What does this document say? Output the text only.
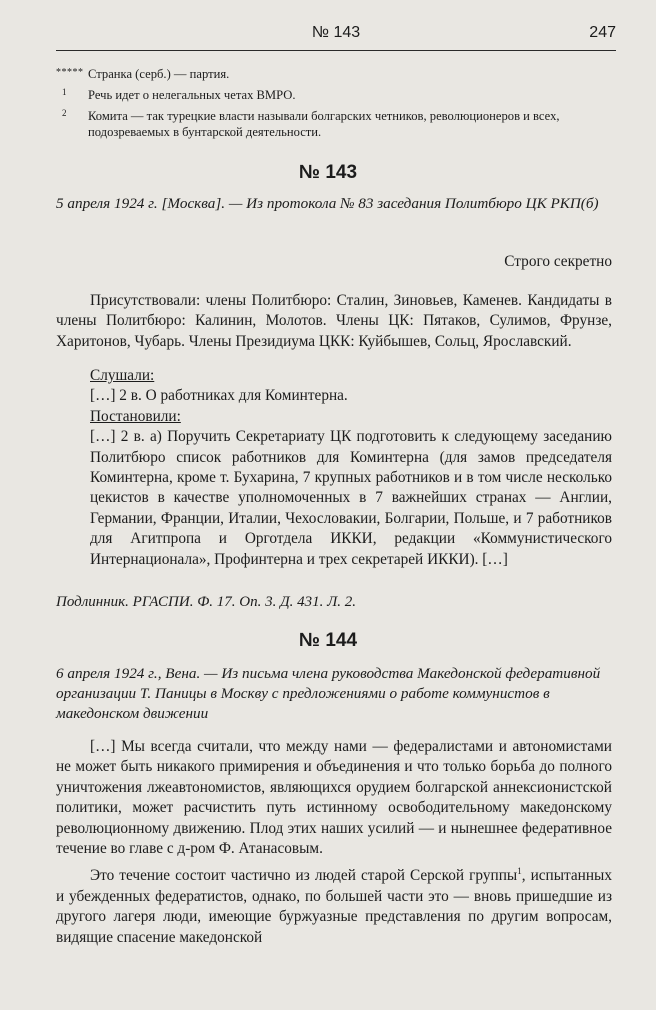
№ 143	247
***** Странка (серб.) — партия.
1 Речь идет о нелегальных четах ВМРО.
2 Комита — так турецкие власти называли болгарских четников, революционеров и всех, подозреваемых в бунтарской деятельности.
№ 143
5 апреля 1924 г. [Москва]. — Из протокола № 83 заседания Политбюро ЦК РКП(б)
Строго секретно

Присутствовали: члены Политбюро: Сталин, Зиновьев, Каменев. Кандидаты в члены Политбюро: Калинин, Молотов. Члены ЦК: Пятаков, Сулимов, Фрунзе, Харитонов, Чубарь. Члены Президиума ЦКК: Куйбышев, Сольц, Ярославский.

Слушали:
[…] 2 в. О работниках для Коминтерна.
Постановили:
[…] 2 в. а) Поручить Секретариату ЦК подготовить к следующему заседанию Политбюро список работников для Коминтерна (для замов председателя Коминтерна, кроме т. Бухарина, 7 крупных работников и в том числе несколько цекистов в качестве уполномоченных в 7 важнейших странах — Англии, Германии, Франции, Италии, Чехословакии, Болгарии, Польше, и 7 работников для Агитпропа и Орготдела ИККИ, редакции «Коммунистического Интернационала», Профинтерна и трех секретарей ИККИ). […]
Подлинник. РГАСПИ. Ф. 17. Оп. 3. Д. 431. Л. 2.
№ 144
6 апреля 1924 г., Вена. — Из письма члена руководства Македонской федеративной организации Т. Паницы в Москву с предложениями о работе коммунистов в македонском движении

[…] Мы всегда считали, что между нами — федералистами и автономистами не может быть никакого примирения и объединения и что только борьба до полного уничтожения лжеавтономистов, являющихся орудием болгарской аннексионистской политики, может расчистить путь истинному освободительному македонскому революционному движению. Плод этих наших усилий — и нынешнее федеративное течение во главе с д-ром Ф. Атанасовым.

Это течение состоит частично из людей старой Серской группы$^1$, испытанных и убежденных федератистов, однако, по большей части это — вновь пришедшие из другого лагеря люди, имеющие буржуазные представления по другим вопросам, видящие спасение македонской
